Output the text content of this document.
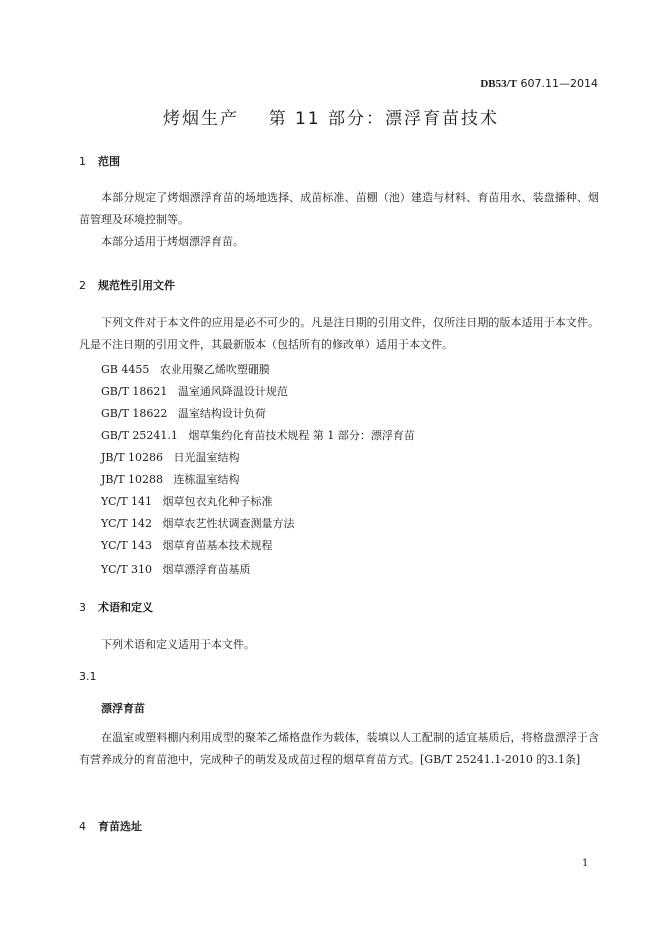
DB53/T 607.11—2014
烤烟生产    第 11 部分：漂浮育苗技术
1 范围
本部分规定了烤烟漂浮育苗的场地选择、成苗标准、苗棚（池）建造与材料、育苗用水、装盘播种、烟苗管理及环境控制等。
本部分适用于烤烟漂浮育苗。
2 规范性引用文件
下列文件对于本文件的应用是必不可少的。凡是注日期的引用文件，仅所注日期的版本适用于本文件。凡是不注日期的引用文件，其最新版本（包括所有的修改单）适用于本文件。
GB 4455 农业用聚乙烯吹塑硼膜
GB/T 18621 温室通风降温设计规范
GB/T 18622 温室结构设计负荷
GB/T 25241.1 烟草集约化育苗技术规程 第 1 部分：漂浮育苗
JB/T 10286 日光温室结构
JB/T 10288 连栋温室结构
YC/T 141 烟草包衣丸化种子标准
YC/T 142 烟草农艺性状调查测量方法
YC/T 143 烟草育苗基本技术规程
YC/T 310 烟草漂浮育苗基质
3 术语和定义
下列术语和定义适用于本文件。
3.1
漂浮育苗
在温室或塑料棚内利用成型的聚苯乙烯格盘作为载体，装填以人工配制的适宜基质后，将格盘漂浮于含有营养成分的育苗池中，完成种子的萌发及成苗过程的烟草育苗方式。[GB/T 25241.1-2010 的3.1条]
4 育苗选址
1
